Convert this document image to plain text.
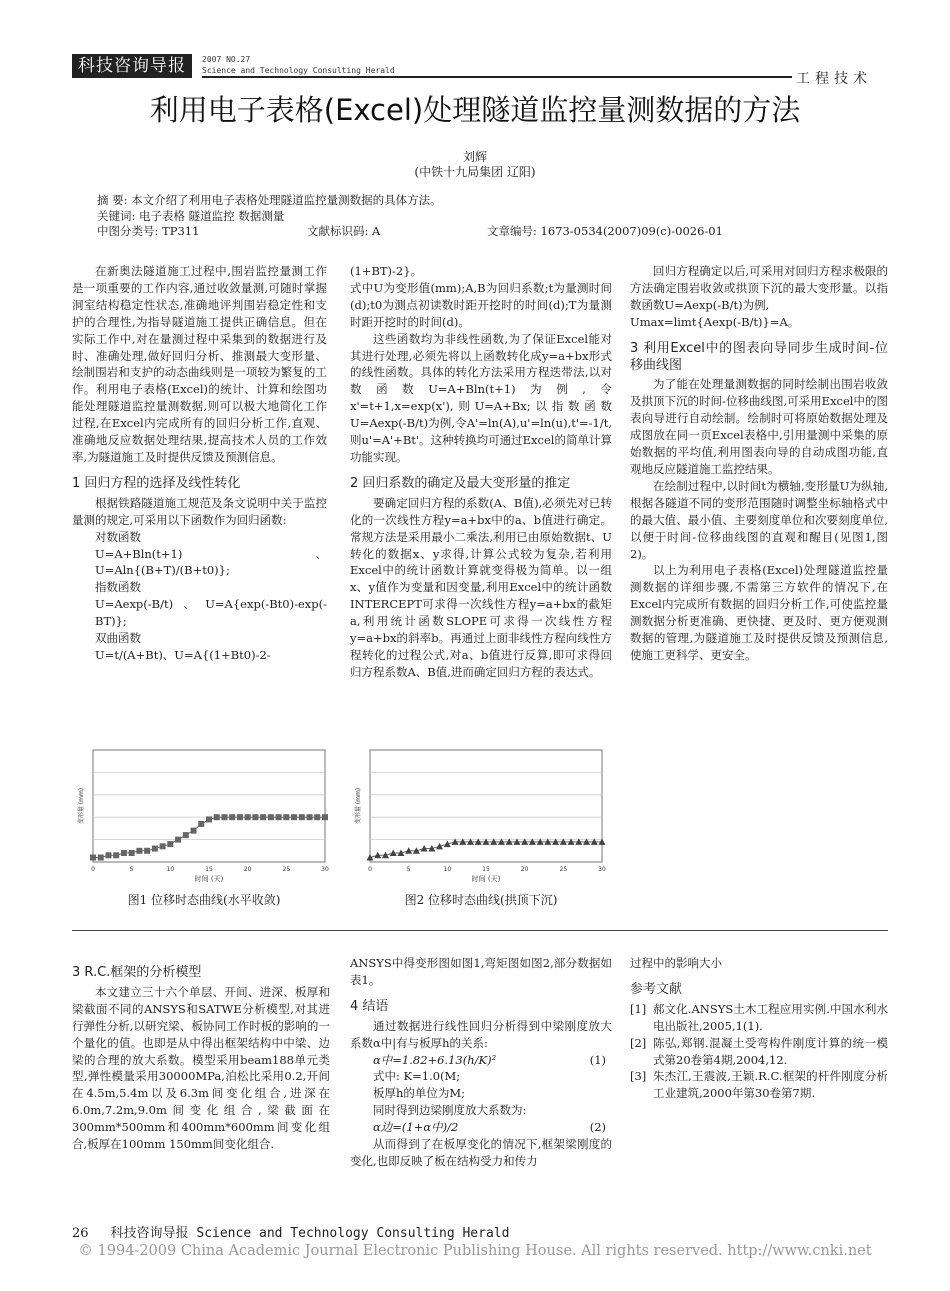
科技咨询导报	2007 NO.27
Science and Technology Consulting Herald
工程技术
利用电子表格(Excel)处理隧道监控量测数据的方法
刘辉
(中铁十九局集团 辽阳)
摘 要: 本文介绍了利用电子表格处理隧道监控量测数据的具体方法。
关键词: 电子表格 隧道监控 数据测量
中图分类号: TP311	文献标识码: A	文章编号: 1673-0534(2007)09(c)-0026-01

在新奥法隧道施工过程中,围岩监控量测工作是一项重要的工作内容,通过收敛量测,可随时掌握洞室结构稳定性状态,准确地评判围岩稳定性和支护的合理性,为指导隧道施工提供正确信息。但在实际工作中,对在量测过程中采集到的数据进行及时、准确处理,做好回归分析、推测最大变形量、绘制围岩和支护的动态曲线则是一项较为繁复的工作。利用电子表格(Excel)的统计、计算和绘图功能处理隧道监控量测数据,则可以极大地简化工作过程,在Excel内完成所有的回归分析工作,直观、准确地反应数据处理结果,提高技术人员的工作效率,为隧道施工及时提供反馈及预测信息。

1 回归方程的选择及线性转化

根据铁路隧道施工规范及条文说明中关于监控量测的规定,可采用以下函数作为回归函数:

对数函数

U=A+Bln(t+1)、U=Aln{(B+T)/(B+t0)};

指数函数

U=Aexp(-B/t)、U=A{exp(-Bt0)-exp(-BT)};

双曲函数

U=t/(A+Bt)、U=A{(1+Bt0)-2-

(1+BT)-2}。

式中U为变形值(mm);A,B为回归系数;t为量测时间(d);t0为测点初读数时距开挖时的时间(d);T为量测时距开挖时的时间(d)。

这些函数均为非线性函数,为了保证Excel能对其进行处理,必须先将以上函数转化成y=a+bx形式的线性函数。具体的转化方法采用方程迭带法,以对数函数U=A+Bln(t+1)为例,令x'=t+1,x=exp(x'),则U=A+Bx;以指数函数U=Aexp(-B/t)为例,令A'=ln(A),u'=ln(u),t'=-1/t,则u'=A'+Bt'。这种转换均可通过Excel的简单计算功能实现。

2 回归系数的确定及最大变形量的推定

要确定回归方程的系数(A、B值),必须先对已转化的一次线性方程y=a+bx中的a、b值进行确定。常规方法是采用最小二乘法,利用已由原始数据t、U转化的数据x、y求得,计算公式较为复杂,若利用Excel中的统计函数计算就变得极为简单。以一组x、y值作为变量和因变量,利用Excel中的统计函数INTERCEPT可求得一次线性方程y=a+bx的截矩a,利用统计函数SLOPE可求得一次线性方程y=a+bx的斜率b。再通过上面非线性方程向线性方程转化的过程公式,对a、b值进行反算,即可求得回归方程系数A、B值,进而确定回归方程的表达式。

回归方程确定以后,可采用对回归方程求极限的方法确定围岩收敛或拱顶下沉的最大变形量。以指数函数U=Aexp(-B/t)为例,

Umax=limt{Aexp(-B/t)}=A。

3 利用Excel中的图表向导同步生成时间-位移曲线图

为了能在处理量测数据的同时绘制出围岩收敛及拱顶下沉的时间-位移曲线图,可采用Excel中的图表向导进行自动绘制。绘制时可将原始数据处理及成图放在同一页Excel表格中,引用量测中采集的原始数据的平均值,利用图表向导的自动成图功能,直观地反应隧道施工监控结果。

在绘制过程中,以时间t为横轴,变形量U为纵轴,根据各隧道不同的变形范围随时调整坐标轴格式中的最大值、最小值、主要刻度单位和次要刻度单位,以便于时间-位移曲线图的直观和醒目(见图1,图2)。

以上为利用电子表格(Excel)处理隧道监控量测数据的详细步骤,不需第三方软件的情况下,在Excel内完成所有数据的回归分析工作,可使监控量测数据分析更准确、更快捷、更及时、更方便观测数据的管理,为隧道施工及时提供反馈及预测信息,使施工更科学、更安全。

0	5	10	15	20	25	30
时间 (天)
变形量 (mm)
图1 位移时态曲线(水平收敛)
0	5	10	15	20	25	30
时间 (天)
变形量 (mm)
图2 位移时态曲线(拱顶下沉)
3 R.C.框架的分析模型

本文建立三十六个单层、开间、进深、板厚和梁截面不同的ANSYS和SATWE分析模型,对其进行弹性分析,以研究梁、板协同工作时板的影响的一个量化的值。也即是从中得出框架结构中中梁、边梁的合理的放大系数。模型采用beam188单元类型,弹性模量采用30000MPa,泊松比采用0.2,开间在4.5m,5.4m以及6.3m间变化组合,进深在6.0m,7.2m,9.0m间变化组合,梁截面在300mm*500mm和400mm*600mm间变化组合,板厚在100mm 150mm间变化组合.

ANSYS中得变形图如图1,弯矩图如图2,部分数据如表1。

4 结语

通过数据进行线性回归分析得到中梁刚度放大系数α中|有与板厚h的关系:

α中=1.82+6.13(h/K)²	(1)

式中: K=1.0(M;

板厚h的单位为M;

同时得到边梁刚度放大系数为:

α边=(1+α中)/2	(2)

从而得到了在板厚变化的情况下,框架梁刚度的变化,也即反映了板在结构受力和传力

过程中的影响大小

参考文献

[1] 郝文化.ANSYS土木工程应用实例.中国水利水电出版社,2005,1(1).

[2] 陈弘,郑钢.混凝土受弯构件刚度计算的统一模式第20卷第4期,2004,12.

[3] 朱杰江,王震波,王颖.R.C.框架的杆件刚度分析工业建筑,2000年第30卷第7期.

26 科技咨询导报 Science and Technology Consulting Herald
© 1994-2009 China Academic Journal Electronic Publishing House. All rights reserved. http://www.cnki.net
